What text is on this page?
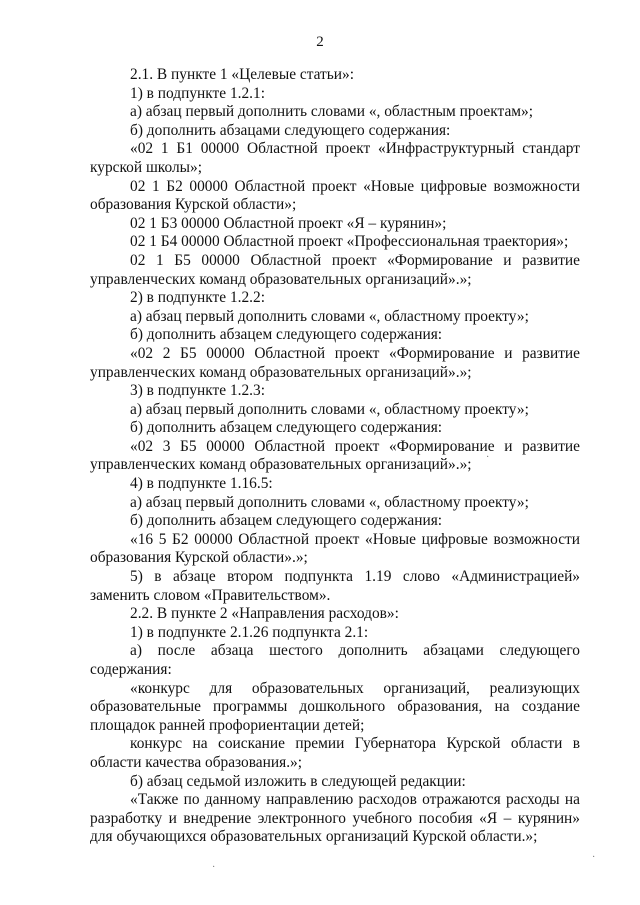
2

2.1. В пункте 1 «Целевые статьи»:

1) в подпункте 1.2.1:

а) абзац первый дополнить словами «, областным проектам»;

б) дополнить абзацами следующего содержания:

«02 1 Б1 00000 Областной проект «Инфраструктурный стандарт курской школы»;

02 1 Б2 00000 Областной проект «Новые цифровые возможности образования Курской области»;

02 1 Б3 00000 Областной проект «Я – курянин»;

02 1 Б4 00000 Областной проект «Профессиональная траектория»;

02 1 Б5 00000 Областной проект «Формирование и развитие управленческих команд образовательных организаций».»;

2) в подпункте 1.2.2:

а) абзац первый дополнить словами «, областному проекту»;

б) дополнить абзацем следующего содержания:

«02 2 Б5 00000 Областной проект «Формирование и развитие управленческих команд образовательных организаций».»;

3) в подпункте 1.2.3:

а) абзац первый дополнить словами «, областному проекту»;

б) дополнить абзацем следующего содержания:

«02 3 Б5 00000 Областной проект «Формирование и развитие управленческих команд образовательных организаций».»;

4) в подпункте 1.16.5:

а) абзац первый дополнить словами «, областному проекту»;

б) дополнить абзацем следующего содержания:

«16 5 Б2 00000 Областной проект «Новые цифровые возможности образования Курской области».»;

5) в абзаце втором подпункта 1.19 слово «Администрацией» заменить словом «Правительством».

2.2. В пункте 2 «Направления расходов»:

1) в подпункте 2.1.26 подпункта 2.1:

а) после абзаца шестого дополнить абзацами следующего содержания:

«конкурс для образовательных организаций, реализующих образовательные программы дошкольного образования, на создание площадок ранней профориентации детей;

конкурс на соискание премии Губернатора Курской области в области качества образования.»;

б) абзац седьмой изложить в следующей редакции:

«Также по данному направлению расходов отражаются расходы на разработку и внедрение электронного учебного пособия «Я – курянин» для обучающихся образовательных организаций Курской области.»;

·
·
·
